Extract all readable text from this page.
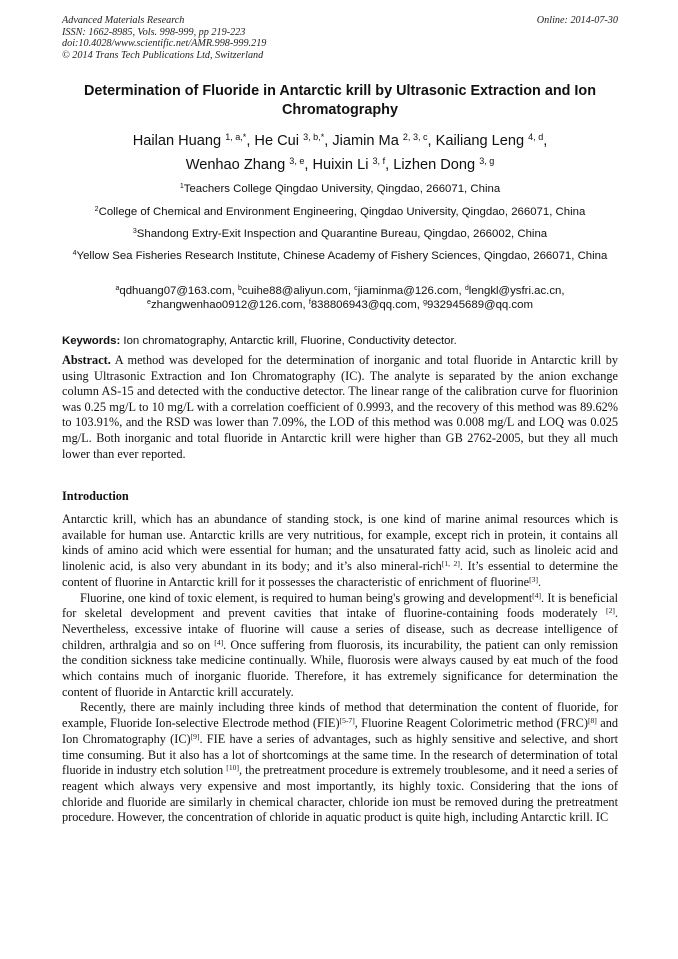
Advanced Materials Research
ISSN: 1662-8985, Vols. 998-999, pp 219-223
doi:10.4028/www.scientific.net/AMR.998-999.219
© 2014 Trans Tech Publications Ltd, Switzerland
Online: 2014-07-30
Determination of Fluoride in Antarctic krill by Ultrasonic Extraction and Ion Chromatography
Hailan Huang $^{1, a,*}$, He Cui $^{3, b,*}$, Jiamin Ma $^{2, 3, c}$, Kailiang Leng $^{4, d}$,
Wenhao Zhang $^{3, e}$, Huixin Li $^{3, f}$, Lizhen Dong $^{3, g}$
$^1$Teachers College Qingdao University, Qingdao, 266071, China
$^2$College of Chemical and Environment Engineering, Qingdao University, Qingdao, 266071, China
$^3$Shandong Extry-Exit Inspection and Quarantine Bureau, Qingdao, 266002, China
$^4$Yellow Sea Fisheries Research Institute, Chinese Academy of Fishery Sciences, Qingdao, 266071, China
$^a$qdhuang07@163.com, $^b$cuihe88@aliyun.com, $^c$jiaminma@126.com, $^d$lengkl@ysfri.ac.cn,
$^e$zhangwenhao0912@126.com, $^f$838806943@qq.com, $^g$932945689@qq.com
Keywords: Ion chromatography, Antarctic krill, Fluorine, Conductivity detector.
Abstract. A method was developed for the determination of inorganic and total fluoride in Antarctic krill by using Ultrasonic Extraction and Ion Chromatography (IC). The analyte is separated by the anion exchange column AS-15 and detected with the conductive detector. The linear range of the calibration curve for fluorinion was 0.25 mg/L to 10 mg/L with a correlation coefficient of 0.9993, and the recovery of this method was 89.62% to 103.91%, and the RSD was lower than 7.09%, the LOD of this method was 0.008 mg/L and LOQ was 0.025 mg/L. Both inorganic and total fluoride in Antarctic krill were higher than GB 2762-2005, but they all much lower than ever reported.
Introduction

Antarctic krill, which has an abundance of standing stock, is one kind of marine animal resources which is available for human use. Antarctic krills are very nutritious, for example, except rich in protein, it contains all kinds of amino acid which were essential for human; and the unsaturated fatty acid, such as linoleic acid and linolenic acid, is also very abundant in its body; and it’s also mineral-rich[1, 2]. It’s essential to determine the content of fluorine in Antarctic krill for it possesses the characteristic of enrichment of fluorine[3].

Fluorine, one kind of toxic element, is required to human being's growing and development[4]. It is beneficial for skeletal development and prevent cavities that intake of fluorine-containing foods moderately [2]. Nevertheless, excessive intake of fluorine will cause a series of disease, such as decrease intelligence of children, arthralgia and so on [4]. Once suffering from fluorosis, its incurability, the patient can only remission the condition sickness take medicine continually. While, fluorosis were always caused by eat much of the food which contains much of inorganic fluoride. Therefore, it has extremely significance for determination the content of fluoride in Antarctic krill accurately.

Recently, there are mainly including three kinds of method that determination the content of fluoride, for example, Fluoride Ion-selective Electrode method (FIE)[5-7], Fluorine Reagent Colorimetric method (FRC)[8] and Ion Chromatography (IC)[9]. FIE have a series of advantages, such as highly sensitive and selective, and short time consuming. But it also has a lot of shortcomings at the same time. In the research of determination of total fluoride in industry etch solution [10], the pretreatment procedure is extremely troublesome, and it need a series of reagent which always very expensive and most importantly, its highly toxic. Considering that the ions of chloride and fluoride are similarly in chemical character, chloride ion must be removed during the pretreatment procedure. However, the concentration of chloride in aquatic product is quite high, including Antarctic krill. IC
